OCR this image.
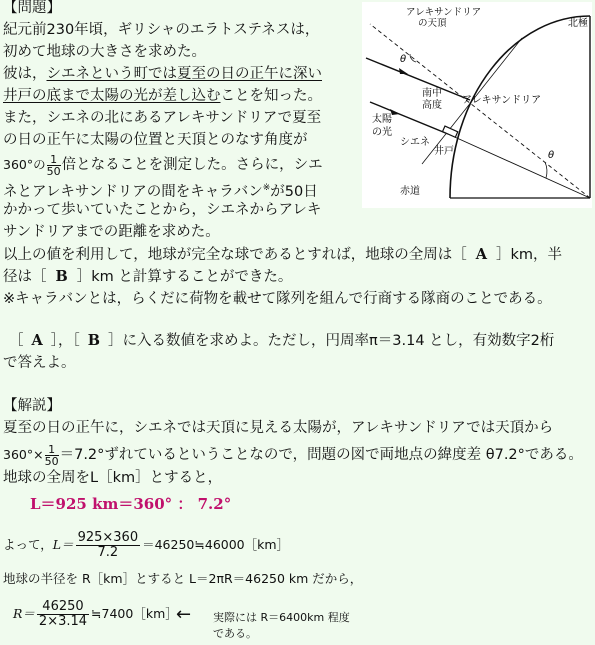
【問題】
紀元前230年頃，ギリシャのエラトステネスは，
初めて地球の大きさを求めた。
彼は，シエネという町では夏至の日の正午に深い
井戸の底まで太陽の光が差し込むことを知った。
また，シエネの北にあるアレキサンドリアで夏至
の日の正午に太陽の位置と天頂とのなす角度が
360°の $\frac{1}{50}$ 倍となることを測定した。さらに，シエ
ネとアレキサンドリアの間をキャラバン※が50日
かかって歩いていたことから，シエネからアレキ
サンドリアまでの距離を求めた。
以上の値を利用して，地球が完全な球であるとすれば，地球の全周は［ A ］km，半
径は［ B ］km と計算することができた。
※キャラバンとは，らくだに荷物を載せて隊列を組んで行商する隊商のことである。
［ A ］，［ B ］に入る数値を求めよ。ただし，円周率π＝3.14 とし，有効数字2桁
で答えよ。
アレキサンドリア
の天頂	北極
θ
南中
高度 アレキサンドリア
太陽
の光
シエネ
井戸	θ
赤道
【解説】
夏至の日の正午に，シエネでは天頂に見える太陽が，アレキサンドリアでは天頂から
$360^\circ\times \frac{1}{50} =7.2^\circ$ずれているということなので，問題の図で両地点の緯度差 θ7.2°である。
地球の全周をL［km］とすると，
L＝925 km＝360° ： 7.2°
よって，$L= \frac{925\times 360}{7.2}$ ＝46250≒46000［km］
地球の半径を R［km］とすると L＝2πR＝46250 km だから，
$R= \frac{46250}{2\times 3.14}$ ≒7400［km］
← 実際には R＝6400km 程度
である。
